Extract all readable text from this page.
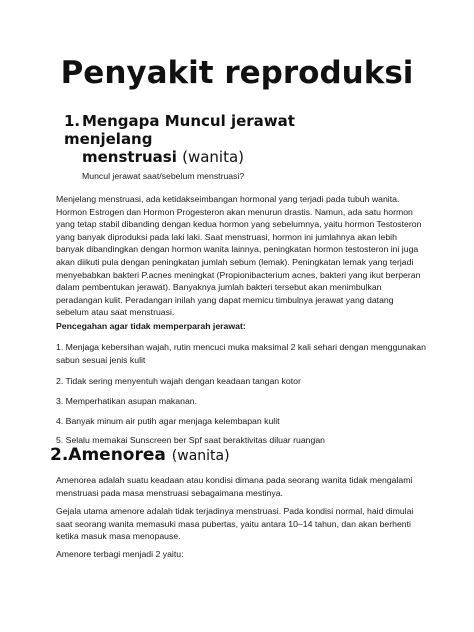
Penyakit reproduksi
1. Mengapa Muncul jerawat menjelang
menstruasi (wanita)

Muncul jerawat saat/sebelum menstruasi?

Menjelang menstruasi, ada ketidakseimbangan hormonal yang terjadi pada tubuh wanita. Hormon Estrogen dan Hormon Progesteron akan menurun drastis. Namun, ada satu hormon yang tetap stabil dibanding dengan kedua hormon yang sebelumnya, yaitu hormon Testosteron yang banyak diproduksi pada laki laki. Saat menstruasi, hormon ini jumlahnya akan lebih banyak dibandingkan dengan hormon wanita lainnya, peningkatan hormon testosteron ini juga akan diikuti pula dengan peningkatan jumlah sebum (lemak). Peningkatan lemak yang terjadi menyebabkan bakteri P.acnes meningkat (Propionibacterium acnes, bakteri yang ikut berperan dalam pembentukan jerawat). Banyaknya jumlah bakteri tersebut akan menimbulkan peradangan kulit. Peradangan inilah yang dapat memicu timbulnya jerawat yang datang sebelum atau saat menstruasi.

Pencegahan agar tidak memperparah jerawat:

1. Menjaga kebersihan wajah, rutin mencuci muka maksimal 2 kali sehari dengan menggunakan sabun sesuai jenis kulit

2. Tidak sering menyentuh wajah dengan keadaan tangan kotor

3. Memperhatikan asupan makanan.

4. Banyak minum air putih agar menjaga kelembapan kulit

5. Selalu memakai Sunscreen ber Spf saat beraktivitas diluar ruangan

2.Amenorea (wanita)

Amenorea adalah suatu keadaan atau kondisi dimana pada seorang wanita tidak mengalami menstruasi pada masa menstruasi sebagaimana mestinya.

Gejala utama amenore adalah tidak terjadinya menstruasi. Pada kondisi normal, haid dimulai saat seorang wanita memasuki masa pubertas, yaitu antara 10–14 tahun, dan akan berhenti ketika masuk masa menopause.

Amenore terbagi menjadi 2 yaitu:
